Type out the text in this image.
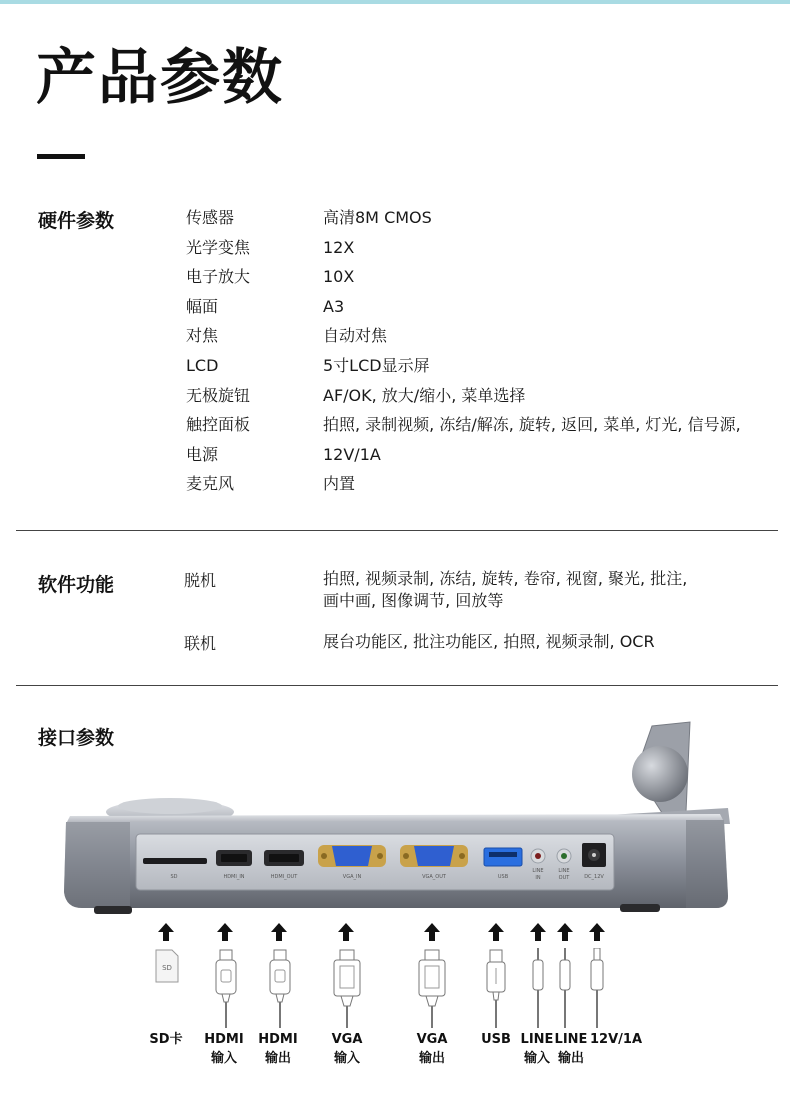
产品参数
硬件参数	传感器	高清8M CMOS
光学变焦	12X
电子放大	10X
幅面	A3
对焦	自动对焦
LCD	5寸LCD显示屏
无极旋钮	AF/OK, 放大/缩小, 菜单选择
触控面板	拍照, 录制视频, 冻结/解冻, 旋转, 返回, 菜单, 灯光, 信号源,
电源	12V/1A
麦克风	内置
软件功能	脱机	拍照, 视频录制, 冻结, 旋转, 卷帘, 视窗, 聚光, 批注,
画中画, 图像调节, 回放等
联机	展台功能区, 批注功能区, 拍照, 视频录制, OCR
接口参数
SD	HDMI_IN	HDMI_OUT	VGA_IN	VGA_OUT	USB
LINE
IN
LINE
OUT	DC_12V
SD
SD卡 HDMI
输入
HDMI
输出
VGA
输入
VGA
输出
USB LINE
输入
LINE
输出
12V/1A
